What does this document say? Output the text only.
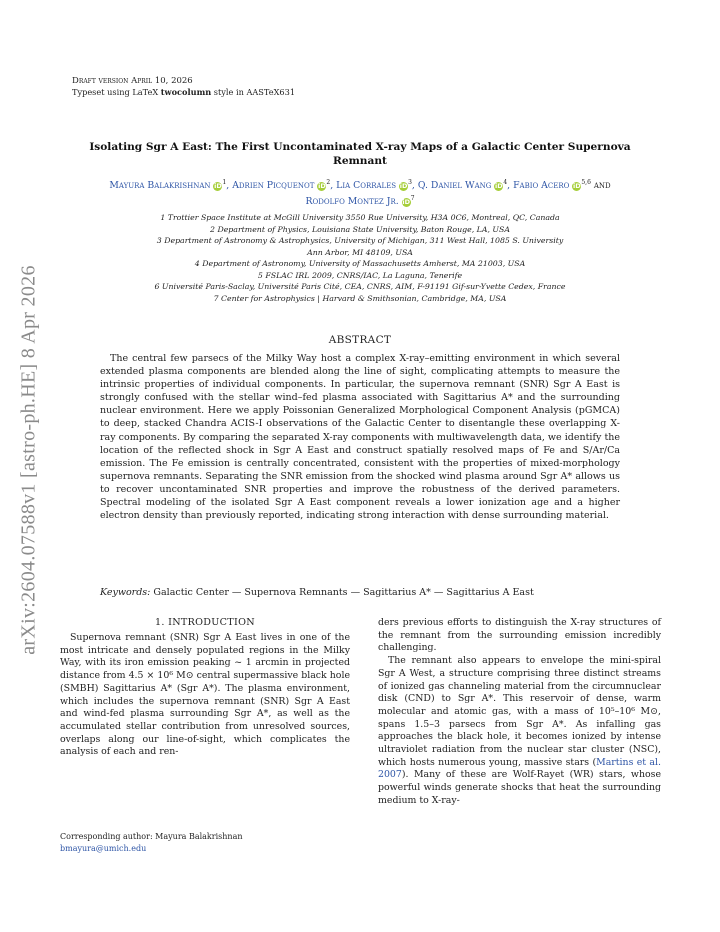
Draft version April 10, 2026
Typeset using LaTeX twocolumn style in AASTeX631
arXiv:2604.07588v1 [astro-ph.HE] 8 Apr 2026
Isolating Sgr A East: The First Uncontaminated X-ray Maps of a Galactic Center Supernova Remnant
Mayura Balakrishnan $iD^1$, Adrien Picquenot $iD^2$, Lia Corrales $iD^3$, Q. Daniel Wang $iD^4$, Fabio Acero iD$^{5,6}$ and
Rodolfo Montez Jr. $iD^7$
1 Trottier Space Institute at McGill University 3550 Rue University, H3A 0C6, Montreal, QC, Canada
2 Department of Physics, Louisiana State University, Baton Rouge, LA, USA
3 Department of Astronomy & Astrophysics, University of Michigan, 311 West Hall, 1085 S. University
Ann Arbor, MI 48109, USA
4 Department of Astronomy, University of Massachusetts Amherst, MA 21003, USA
5 FSLAC IRL 2009, CNRS/IAC, La Laguna, Tenerife
6 Université Paris-Saclay, Université Paris Cité, CEA, CNRS, AIM, F-91191 Gif-sur-Yvette Cedex, France
7 Center for Astrophysics | Harvard & Smithsonian, Cambridge, MA, USA
ABSTRACT

The central few parsecs of the Milky Way host a complex X-ray–emitting environment in which several extended plasma components are blended along the line of sight, complicating attempts to measure the intrinsic properties of individual components. In particular, the supernova remnant (SNR) Sgr A East is strongly confused with the stellar wind–fed plasma associated with Sagittarius A* and the surrounding nuclear environment. Here we apply Poissonian Generalized Morphological Component Analysis (pGMCA) to deep, stacked Chandra ACIS-I observations of the Galactic Center to disentangle these overlapping X-ray components. By comparing the separated X-ray components with multiwavelength data, we identify the location of the reflected shock in Sgr A East and construct spatially resolved maps of Fe and S/Ar/Ca emission. The Fe emission is centrally concentrated, consistent with the properties of mixed-morphology supernova remnants. Separating the SNR emission from the shocked wind plasma around Sgr A* allows us to recover uncontaminated SNR properties and improve the robustness of the derived parameters. Spectral modeling of the isolated Sgr A East component reveals a lower ionization age and a higher electron density than previously reported, indicating strong interaction with dense surrounding material.

Keywords: Galactic Center — Supernova Remnants — Sagittarius A* — Sagittarius A East
1. INTRODUCTION

Supernova remnant (SNR) Sgr A East lives in one of the most intricate and densely populated regions in the Milky Way, with its iron emission peaking ~ 1 arcmin in projected distance from 4.5 × 10⁶ M⊙ central supermassive black hole (SMBH) Sagittarius A* (Sgr A*). The plasma environment, which includes the supernova remnant (SNR) Sgr A East and wind-fed plasma surrounding Sgr A*, as well as the accumulated stellar contribution from unresolved sources, overlaps along our line-of-sight, which complicates the analysis of each and ren-

ders previous efforts to distinguish the X-ray structures of the remnant from the surrounding emission incredibly challenging.

The remnant also appears to envelope the mini-spiral Sgr A West, a structure comprising three distinct streams of ionized gas channeling material from the circumnuclear disk (CND) to Sgr A*. This reservoir of dense, warm molecular and atomic gas, with a mass of 10⁵–10⁶ M⊙, spans 1.5–3 parsecs from Sgr A*. As infalling gas approaches the black hole, it becomes ionized by intense ultraviolet radiation from the nuclear star cluster (NSC), which hosts numerous young, massive stars (Martins et al. 2007). Many of these are Wolf-Rayet (WR) stars, whose powerful winds generate shocks that heat the surrounding medium to X-ray-

Corresponding author: Mayura Balakrishnan
bmayura@umich.edu
